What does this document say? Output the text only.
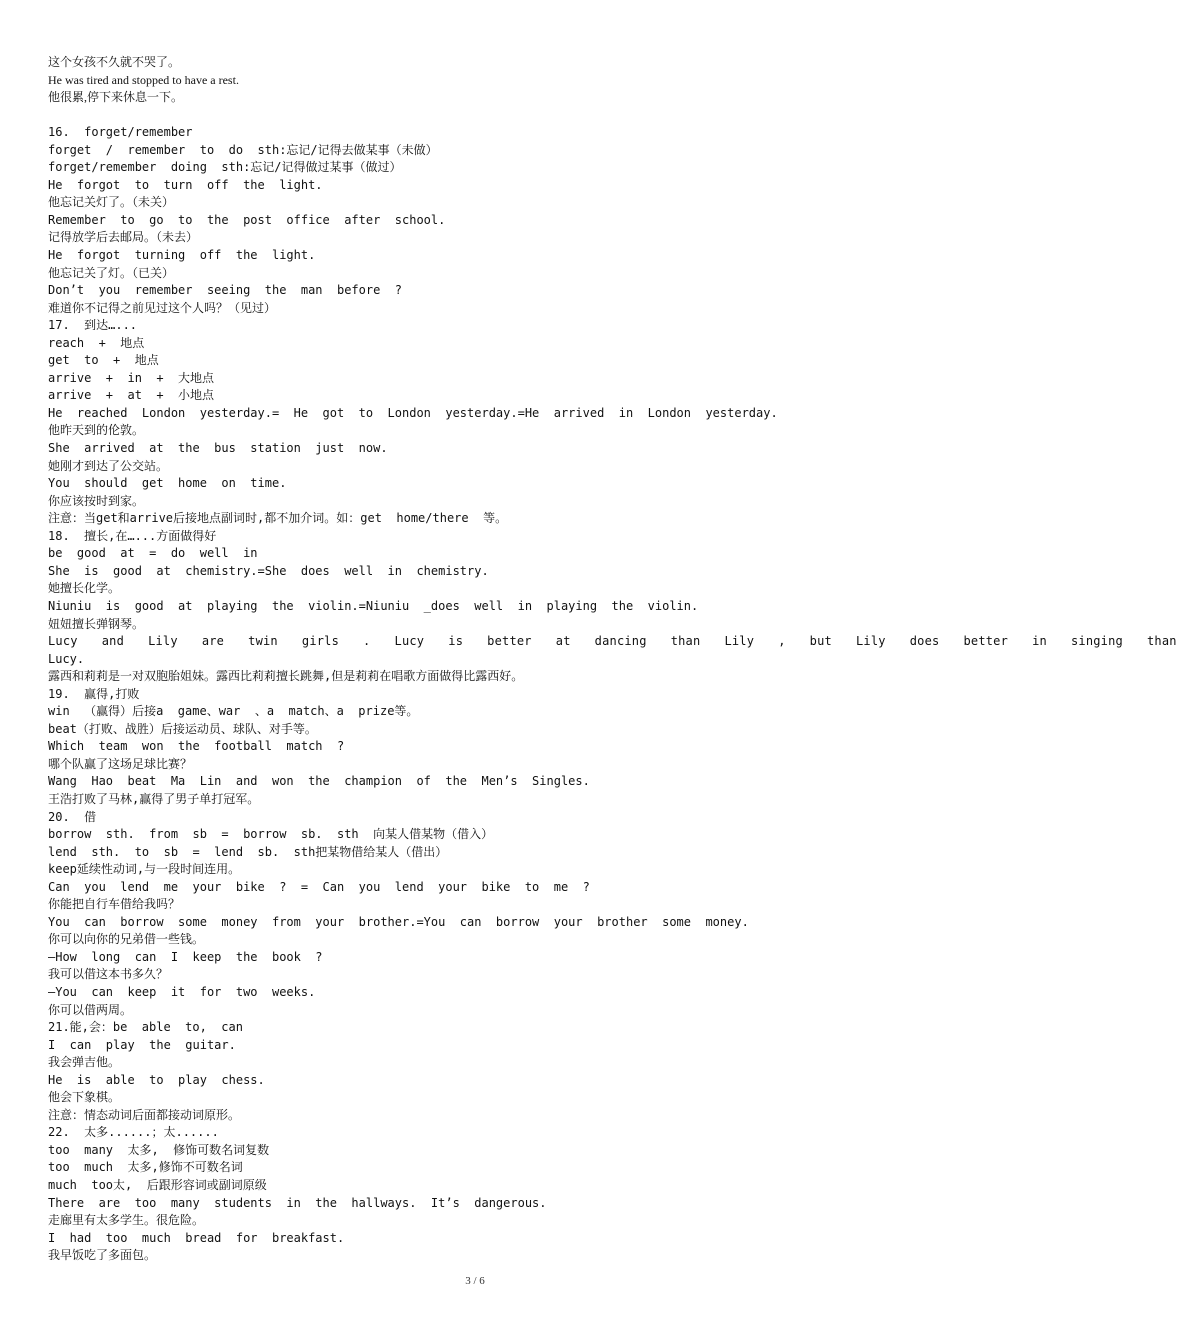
这个女孩不久就不哭了。
He was tired and stopped to have a rest.
他很累,停下来休息一下。
16.  forget/remember
forget  /  remember  to  do  sth:忘记/记得去做某事（未做）
forget/remember  doing  sth:忘记/记得做过某事（做过）
He  forgot  to  turn  off  the  light.
他忘记关灯了。（未关）
Remember  to  go  to  the  post  office  after  school.
记得放学后去邮局。（未去）
He  forgot  turning  off  the  light.
他忘记关了灯。（已关）
Don’t  you  remember  seeing  the  man  before  ?
难道你不记得之前见过这个人吗？（见过）
17.  到达…...
reach  +  地点
get  to  +  地点
arrive  +  in  +  大地点
arrive  +  at  +  小地点
He  reached  London  yesterday.=  He  got  to  London  yesterday.=He  arrived  in  London  yesterday.
他昨天到的伦敦。
She  arrived  at  the  bus  station  just  now.
她刚才到达了公交站。
You  should  get  home  on  time.
你应该按时到家。
注意：当get和arrive后接地点副词时,都不加介词。如：get  home/there  等。
18.  擅长,在…...方面做得好
be  good  at  =  do  well  in
She  is  good  at  chemistry.=She  does  well  in  chemistry.
她擅长化学。
Niuniu  is  good  at  playing  the  violin.=Niuniu  _does  well  in  playing  the  violin.
妞妞擅长弹钢琴。
Lucy  and  Lily  are  twin  girls  .  Lucy  is  better  at  dancing  than  Lily  ,  but  Lily  does  better  in  singing  than
Lucy.
露西和莉莉是一对双胞胎姐妹。露西比莉莉擅长跳舞,但是莉莉在唱歌方面做得比露西好。
19.  赢得,打败
win  （赢得）后接a  game、war  、a  match、a  prize等。
beat（打败、战胜）后接运动员、球队、对手等。
Which  team  won  the  football  match  ?
哪个队赢了这场足球比赛？
Wang  Hao  beat  Ma  Lin  and  won  the  champion  of  the  Men’s  Singles.
王浩打败了马林,赢得了男子单打冠军。
20.  借
borrow  sth.  from  sb  =  borrow  sb.  sth  向某人借某物（借入）
lend  sth.  to  sb  =  lend  sb.  sth把某物借给某人（借出）
keep延续性动词,与一段时间连用。
Can  you  lend  me  your  bike  ?  =  Can  you  lend  your  bike  to  me  ?
你能把自行车借给我吗？
You  can  borrow  some  money  from  your  brother.=You  can  borrow  your  brother  some  money.
你可以向你的兄弟借一些钱。
—How  long  can  I  keep  the  book  ?
我可以借这本书多久？
—You  can  keep  it  for  two  weeks.
你可以借两周。
21.能,会：be  able  to,  can
I  can  play  the  guitar.
我会弹吉他。
He  is  able  to  play  chess.
他会下象棋。
注意：情态动词后面都接动词原形。
22.  太多......；太......
too  many  太多,  修饰可数名词复数
too  much  太多,修饰不可数名词
much  too太,  后跟形容词或副词原级
There  are  too  many  students  in  the  hallways.  It’s  dangerous.
走廊里有太多学生。很危险。
I  had  too  much  bread  for  breakfast.
我早饭吃了多面包。
3 / 6
